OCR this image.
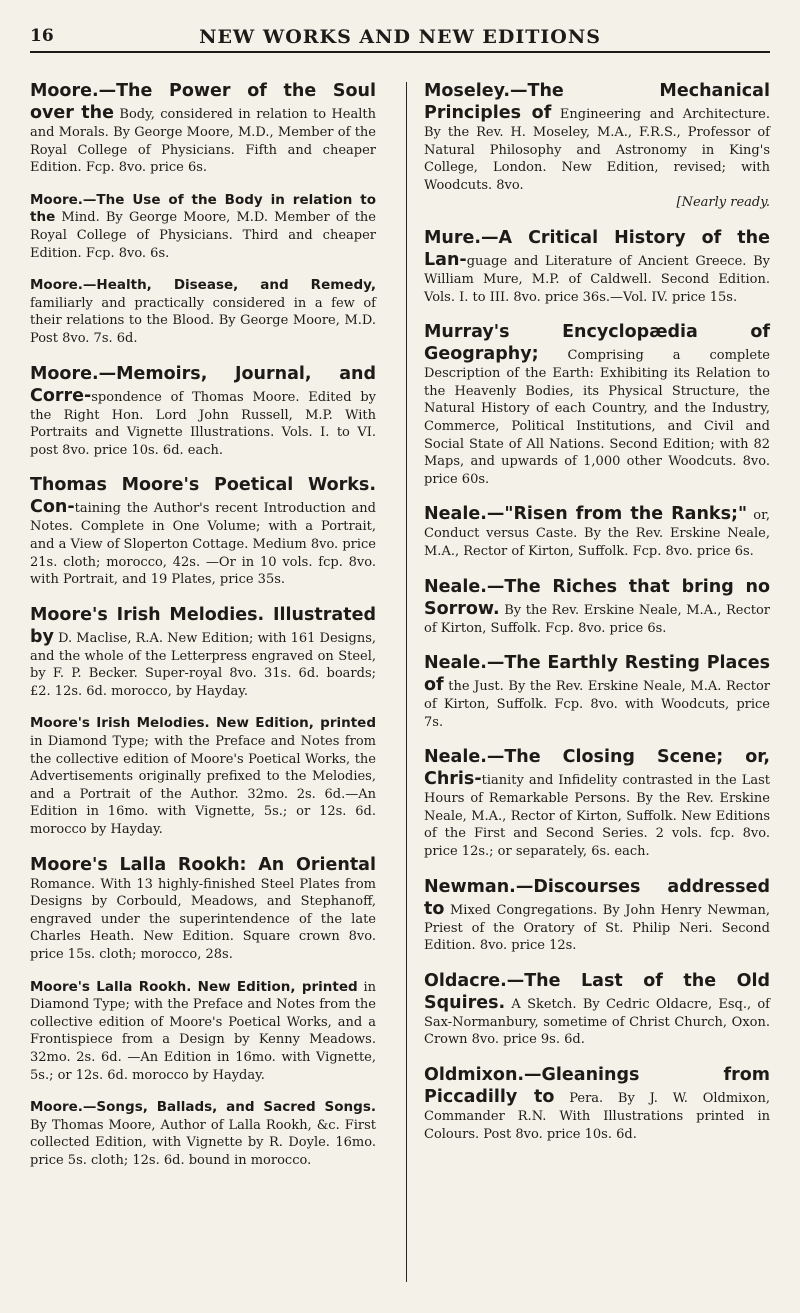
16	NEW WORKS AND NEW EDITIONS

Moore.—The Power of the Soul over the Body, considered in relation to Health and Morals. By George Moore, M.D., Member of the Royal College of Physicians. Fifth and cheaper Edition. Fcp. 8vo. price 6s.

Moore.—The Use of the Body in relation to the Mind. By George Moore, M.D. Member of the Royal College of Physicians. Third and cheaper Edition. Fcp. 8vo. 6s.

Moore.—Health, Disease, and Remedy, familiarly and practically considered in a few of their relations to the Blood. By George Moore, M.D. Post 8vo. 7s. 6d.

Moore.—Memoirs, Journal, and Corre-spondence of Thomas Moore. Edited by the Right Hon. Lord John Russell, M.P. With Portraits and Vignette Illustrations. Vols. I. to VI. post 8vo. price 10s. 6d. each.

Thomas Moore's Poetical Works. Con-taining the Author's recent Introduction and Notes. Complete in One Volume; with a Portrait, and a View of Sloperton Cottage. Medium 8vo. price 21s. cloth; morocco, 42s. —Or in 10 vols. fcp. 8vo. with Portrait, and 19 Plates, price 35s.

Moore's Irish Melodies. Illustrated by D. Maclise, R.A. New Edition; with 161 Designs, and the whole of the Letterpress engraved on Steel, by F. P. Becker. Super-royal 8vo. 31s. 6d. boards; £2. 12s. 6d. morocco, by Hayday.

Moore's Irish Melodies. New Edition, printed in Diamond Type; with the Preface and Notes from the collective edition of Moore's Poetical Works, the Advertisements originally prefixed to the Melodies, and a Portrait of the Author. 32mo. 2s. 6d.—An Edition in 16mo. with Vignette, 5s.; or 12s. 6d. morocco by Hayday.

Moore's Lalla Rookh: An Oriental Romance. With 13 highly-finished Steel Plates from Designs by Corbould, Meadows, and Stephanoff, engraved under the superintendence of the late Charles Heath. New Edition. Square crown 8vo. price 15s. cloth; morocco, 28s.

Moore's Lalla Rookh. New Edition, printed in Diamond Type; with the Preface and Notes from the collective edition of Moore's Poetical Works, and a Frontispiece from a Design by Kenny Meadows. 32mo. 2s. 6d. —An Edition in 16mo. with Vignette, 5s.; or 12s. 6d. morocco by Hayday.

Moore.—Songs, Ballads, and Sacred Songs. By Thomas Moore, Author of Lalla Rookh, &c. First collected Edition, with Vignette by R. Doyle. 16mo. price 5s. cloth; 12s. 6d. bound in morocco.

Moseley.—The Mechanical Principles of Engineering and Architecture. By the Rev. H. Moseley, M.A., F.R.S., Professor of Natural Philosophy and Astronomy in King's College, London. New Edition, revised; with Woodcuts. 8vo.

[Nearly ready.

Mure.—A Critical History of the Lan-guage and Literature of Ancient Greece. By William Mure, M.P. of Caldwell. Second Edition. Vols. I. to III. 8vo. price 36s.—Vol. IV. price 15s.

Murray's Encyclopædia of Geography; Comprising a complete Description of the Earth: Exhibiting its Relation to the Heavenly Bodies, its Physical Structure, the Natural History of each Country, and the Industry, Commerce, Political Institutions, and Civil and Social State of All Nations. Second Edition; with 82 Maps, and upwards of 1,000 other Woodcuts. 8vo. price 60s.

Neale.—"Risen from the Ranks;" or, Conduct versus Caste. By the Rev. Erskine Neale, M.A., Rector of Kirton, Suffolk. Fcp. 8vo. price 6s.

Neale.—The Riches that bring no Sorrow. By the Rev. Erskine Neale, M.A., Rector of Kirton, Suffolk. Fcp. 8vo. price 6s.

Neale.—The Earthly Resting Places of the Just. By the Rev. Erskine Neale, M.A. Rector of Kirton, Suffolk. Fcp. 8vo. with Woodcuts, price 7s.

Neale.—The Closing Scene; or, Chris-tianity and Infidelity contrasted in the Last Hours of Remarkable Persons. By the Rev. Erskine Neale, M.A., Rector of Kirton, Suffolk. New Editions of the First and Second Series. 2 vols. fcp. 8vo. price 12s.; or separately, 6s. each.

Newman.—Discourses addressed to Mixed Congregations. By John Henry Newman, Priest of the Oratory of St. Philip Neri. Second Edition. 8vo. price 12s.

Oldacre.—The Last of the Old Squires. A Sketch. By Cedric Oldacre, Esq., of Sax-Normanbury, sometime of Christ Church, Oxon. Crown 8vo. price 9s. 6d.

Oldmixon.—Gleanings from Piccadilly to Pera. By J. W. Oldmixon, Commander R.N. With Illustrations printed in Colours. Post 8vo. price 10s. 6d.
